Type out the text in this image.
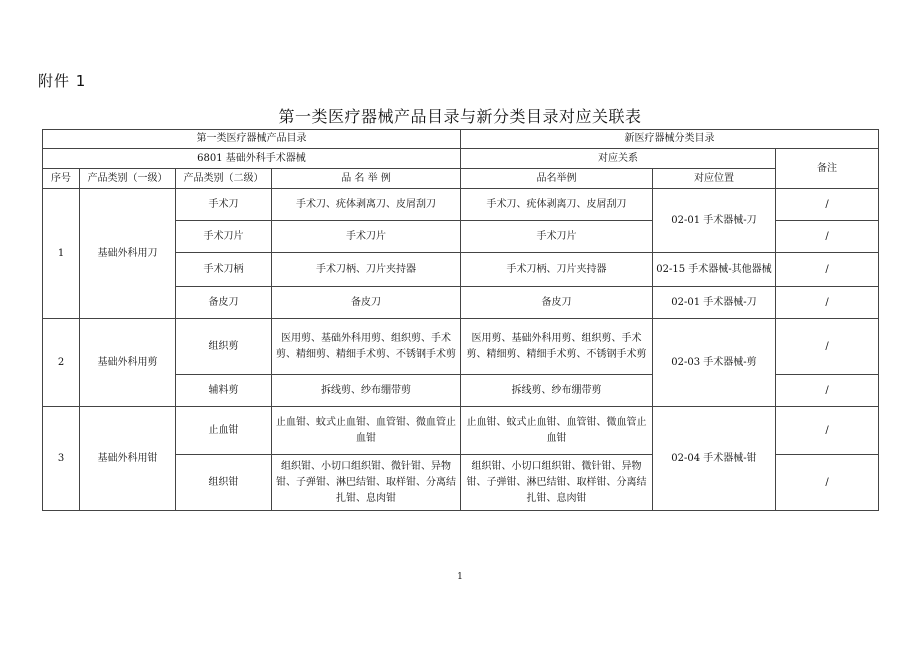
附件 1
第一类医疗器械产品目录与新分类目录对应关联表
第一类医疗器械产品目录				新医疗器械分类目录		
6801 基础外科手术器械				对应关系		备注
序号	产品类别（一级）	产品类别（二级）	品 名 举 例	品名举例	对应位置	
1	基础外科用刀	手术刀	手术刀、疣体剥离刀、皮屑刮刀	手术刀、疣体剥离刀、皮屑刮刀	02-01 手术器械-刀	/
		手术刀片	手术刀片	手术刀片		/
		手术刀柄	手术刀柄、刀片夹持器	手术刀柄、刀片夹持器	02-15 手术器械-其他器械	/
		备皮刀	备皮刀	备皮刀	02-01 手术器械-刀	/
2	基础外科用剪	组织剪	医用剪、基础外科用剪、组织剪、手术剪、精细剪、精细手术剪、不锈钢手术剪	医用剪、基础外科用剪、组织剪、手术剪、精细剪、精细手术剪、不锈钢手术剪	02-03 手术器械-剪	/
		辅料剪	拆线剪、纱布绷带剪	拆线剪、纱布绷带剪		/
3	基础外科用钳	止血钳	止血钳、蚊式止血钳、血管钳、微血管止血钳	止血钳、蚊式止血钳、血管钳、微血管止血钳	02-04 手术器械-钳	/
		组织钳	组织钳、小切口组织钳、微针钳、异物钳、子弹钳、淋巴结钳、取样钳、分离结扎钳、息肉钳	组织钳、小切口组织钳、微针钳、异物钳、子弹钳、淋巴结钳、取样钳、分离结扎钳、息肉钳		/
1
